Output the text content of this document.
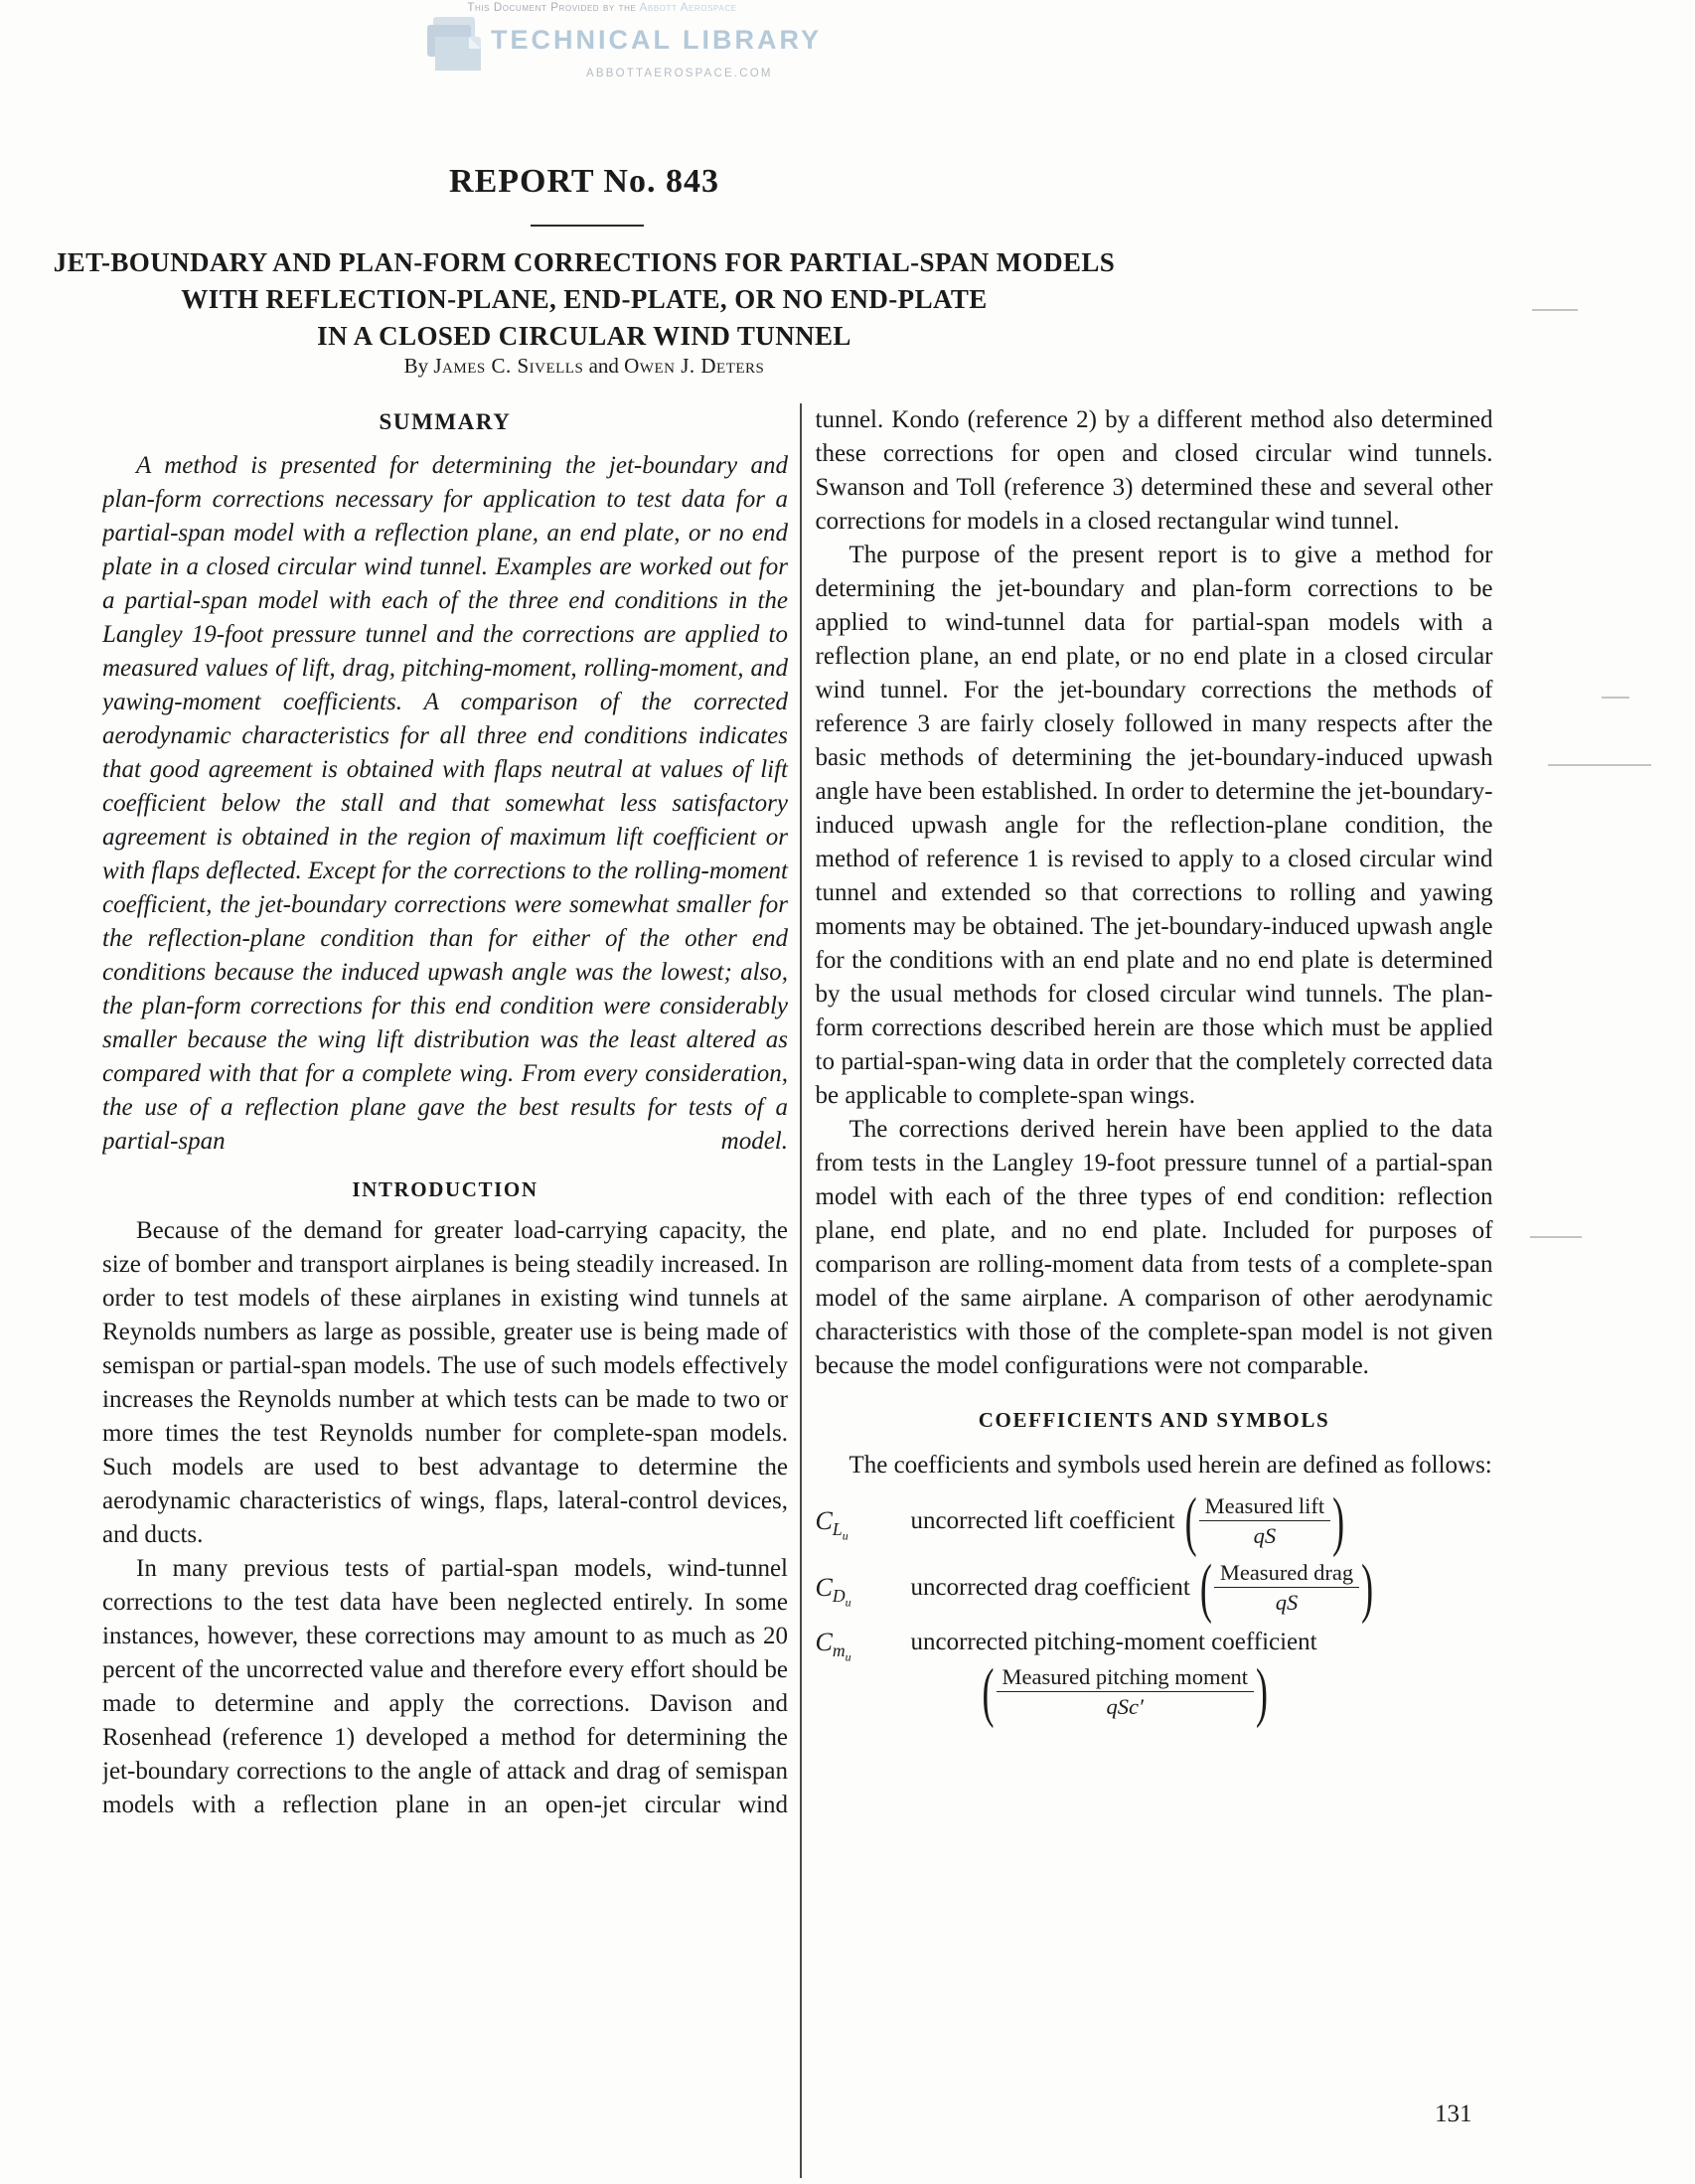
This Document Provided by the Abbott Aerospace
TECHNICAL LIBRARY
ABBOTTAEROSPACE.COM
REPORT No. 843
JET-BOUNDARY AND PLAN-FORM CORRECTIONS FOR PARTIAL-SPAN MODELS
WITH REFLECTION-PLANE, END-PLATE, OR NO END-PLATE
IN A CLOSED CIRCULAR WIND TUNNEL
By James C. Sivells and Owen J. Deters
SUMMARY

A method is presented for determining the jet-boundary and plan-form corrections necessary for application to test data for a partial-span model with a reflection plane, an end plate, or no end plate in a closed circular wind tunnel. Examples are worked out for a partial-span model with each of the three end conditions in the Langley 19-foot pressure tunnel and the corrections are applied to measured values of lift, drag, pitching-moment, rolling-moment, and yawing-moment coefficients. A comparison of the corrected aerodynamic characteristics for all three end conditions indicates that good agreement is obtained with flaps neutral at values of lift coefficient below the stall and that somewhat less satisfactory agreement is obtained in the region of maximum lift coefficient or with flaps deflected. Except for the corrections to the rolling-moment coefficient, the jet-boundary corrections were somewhat smaller for the reflection-plane condition than for either of the other end conditions because the induced upwash angle was the lowest; also, the plan-form corrections for this end condition were considerably smaller because the wing lift distribution was the least altered as compared with that for a complete wing. From every consideration, the use of a reflection plane gave the best results for tests of a partial-span model.

INTRODUCTION

Because of the demand for greater load-carrying capacity, the size of bomber and transport airplanes is being steadily increased. In order to test models of these airplanes in existing wind tunnels at Reynolds numbers as large as possible, greater use is being made of semispan or partial-span models. The use of such models effectively increases the Reynolds number at which tests can be made to two or more times the test Reynolds number for complete-span models. Such models are used to best advantage to determine the aerodynamic characteristics of wings, flaps, lateral-control devices, and ducts.

In many previous tests of partial-span models, wind-tunnel corrections to the test data have been neglected entirely. In some instances, however, these corrections may amount to as much as 20 percent of the uncorrected value and therefore every effort should be made to determine and apply the corrections. Davison and Rosenhead (reference 1) developed a method for determining the jet-boundary corrections to the angle of attack and drag of semispan models with a reflection plane in an open-jet circular wind

tunnel. Kondo (reference 2) by a different method also determined these corrections for open and closed circular wind tunnels. Swanson and Toll (reference 3) determined these and several other corrections for models in a closed rectangular wind tunnel.

The purpose of the present report is to give a method for determining the jet-boundary and plan-form corrections to be applied to wind-tunnel data for partial-span models with a reflection plane, an end plate, or no end plate in a closed circular wind tunnel. For the jet-boundary corrections the methods of reference 3 are fairly closely followed in many respects after the basic methods of determining the jet-boundary-induced upwash angle have been established. In order to determine the jet-boundary-induced upwash angle for the reflection-plane condition, the method of reference 1 is revised to apply to a closed circular wind tunnel and extended so that corrections to rolling and yawing moments may be obtained. The jet-boundary-induced upwash angle for the conditions with an end plate and no end plate is determined by the usual methods for closed circular wind tunnels. The plan-form corrections described herein are those which must be applied to partial-span-wing data in order that the completely corrected data be applicable to complete-span wings.

The corrections derived herein have been applied to the data from tests in the Langley 19-foot pressure tunnel of a partial-span model with each of the three types of end condition: reflection plane, end plate, and no end plate. Included for purposes of comparison are rolling-moment data from tests of a complete-span model of the same airplane. A comparison of other aerodynamic characteristics with those of the complete-span model is not given because the model configurations were not comparable.

COEFFICIENTS AND SYMBOLS

The coefficients and symbols used herein are defined as follows:

$C_{L_u}$
uncorrected lift coefficient ( $\frac{\text{Measured lift}}{qS}$ )
$C_{D_u}$
uncorrected drag coefficient ( $\frac{\text{Measured drag}}{qS}$ )
$C_{m_u}$
uncorrected pitching-moment coefficient
( $\frac{\text{Measured pitching moment}}{\text{qSc′}}$ )
131
